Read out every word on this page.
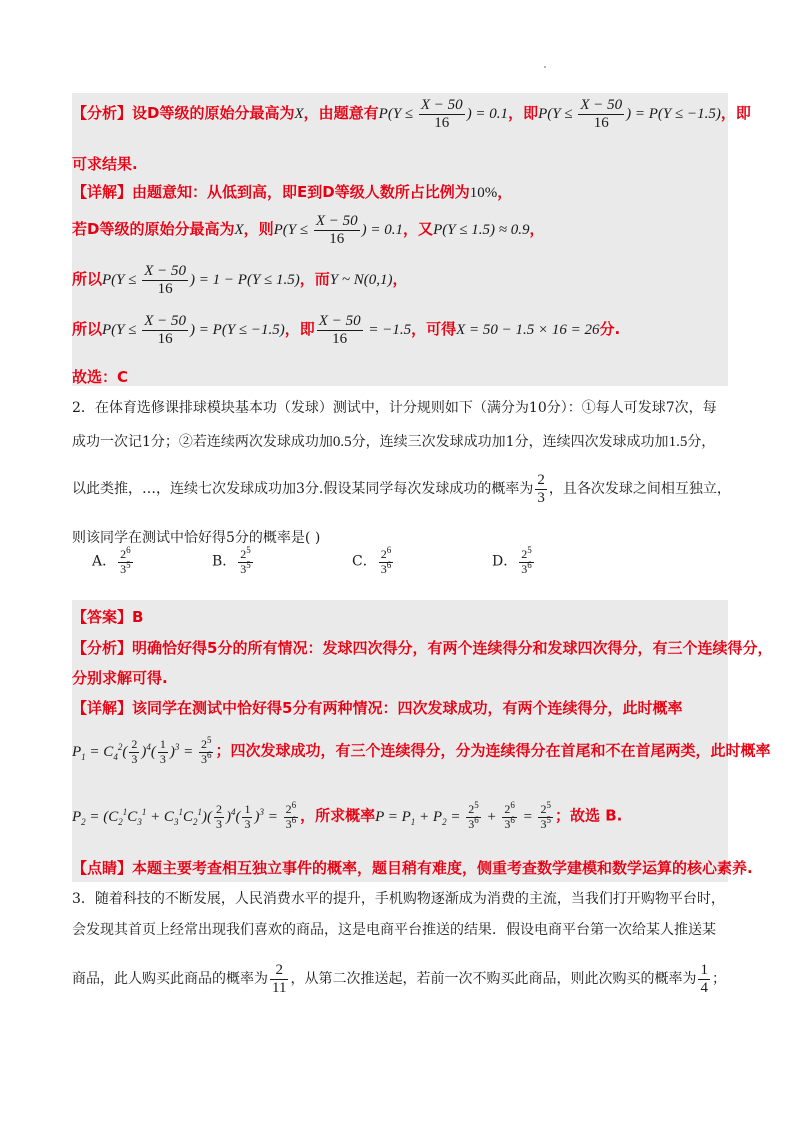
【分析】设D等级的原始分最高为X，由题意有$P(Y \le \frac{X - 50}{16}$ ) = 0.1，即$P(Y \le \frac{X - 50}{16}$ ) = P(Y ≤ −1.5)，即
可求结果.
【详解】由题意知：从低到高，即E到D等级人数所占比例为10%，
若D等级的原始分最高为X，则$P(Y \le \frac{X - 50}{16}$ ) = 0.1，又P(Y ≤ 1.5) ≈ 0.9，
所以$P(Y \le \frac{X - 50}{16}$ ) = 1 − P(Y ≤ 1.5)，而Y ~ N(0,1)，
所以$P(Y \le \frac{X - 50}{16}$ ) = P(Y ≤ −1.5)，即 $\frac{X - 50}{16} = -1.5$，可得X = 50 − 1.5 × 16 = 26分.
故选：C
2．在体育选修课排球模块基本功（发球）测试中，计分规则如下（满分为10分）：①每人可发球7次，每
成功一次记1分；②若连续两次发球成功加0.5分，连续三次发球成功加1分，连续四次发球成功加1.5分，
以此类推，…，连续七次发球成功加3分.假设某同学每次发球成功的概率为 $\frac{2}{3}$ ，且各次发球之间相互独立，
则该同学在测试中恰好得5分的概率是( )
A． $\frac{2^6}{3^5}$	B． $\frac{2^5}{3^5}$	C． $\frac{2^6}{3^6}$	D． $\frac{2^5}{3^6}$
【答案】B
【分析】明确恰好得5分的所有情况：发球四次得分，有两个连续得分和发球四次得分，有三个连续得分，
分别求解可得.
【详解】该同学在测试中恰好得5分有两种情况：四次发球成功，有两个连续得分，此时概率
$P_1 = C_4^2( \frac{2}{3} )^4( \frac{1}{3} )^3 = \frac{2^5}{3^6}$ ；四次发球成功，有三个连续得分，分为连续得分在首尾和不在首尾两类，此时概率
$P_2 = (C_2^1C_3^1 + C_3^1C_2^1)( \frac{2}{3} )^4( \frac{1}{3} )^3 = \frac{2^6}{3^6}$ ，所求概率$P = P_1 + P_2 = \frac{2^5}{3^6} + \frac{2^6}{3^6} = \frac{2^5}{3^5}$ ；故选 B.
【点睛】本题主要考查相互独立事件的概率，题目稍有难度，侧重考查数学建模和数学运算的核心素养.
3．随着科技的不断发展，人民消费水平的提升，手机购物逐渐成为消费的主流，当我们打开购物平台时，
会发现其首页上经常出现我们喜欢的商品，这是电商平台推送的结果．假设电商平台第一次给某人推送某
商品，此人购买此商品的概率为 $\frac{2}{11}$ ，从第二次推送起，若前一次不购买此商品，则此次购买的概率为 $\frac{1}{4}$ ；
